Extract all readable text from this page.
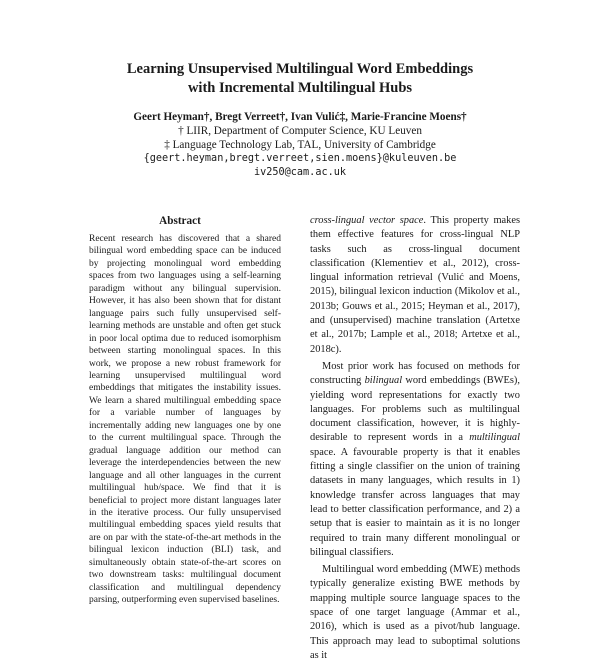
Learning Unsupervised Multilingual Word Embeddings
with Incremental Multilingual Hubs
Geert Heyman†, Bregt Verreet†, Ivan Vulić‡, Marie-Francine Moens†
† LIIR, Department of Computer Science, KU Leuven
‡ Language Technology Lab, TAL, University of Cambridge
{geert.heyman,bregt.verreet,sien.moens}@kuleuven.be
iv250@cam.ac.uk
Abstract
Recent research has discovered that a shared bilingual word embedding space can be induced by projecting monolingual word embedding spaces from two languages using a self-learning paradigm without any bilingual supervision. However, it has also been shown that for distant language pairs such fully unsupervised self-learning methods are unstable and often get stuck in poor local optima due to reduced isomorphism between starting monolingual spaces. In this work, we propose a new robust framework for learning unsupervised multilingual word embeddings that mitigates the instability issues. We learn a shared multilingual embedding space for a variable number of languages by incrementally adding new languages one by one to the current multilingual space. Through the gradual language addition our method can leverage the interdependencies between the new language and all other languages in the current multilingual hub/space. We find that it is beneficial to project more distant languages later in the iterative process. Our fully unsupervised multilingual embedding spaces yield results that are on par with the state-of-the-art methods in the bilingual lexicon induction (BLI) task, and simultaneously obtain state-of-the-art scores on two downstream tasks: multilingual document classification and multilingual dependency parsing, outperforming even supervised baselines.

cross-lingual vector space. This property makes them effective features for cross-lingual NLP tasks such as cross-lingual document classification (Klementiev et al., 2012), cross-lingual information retrieval (Vulić and Moens, 2015), bilingual lexicon induction (Mikolov et al., 2013b; Gouws et al., 2015; Heyman et al., 2017), and (unsupervised) machine translation (Artetxe et al., 2017b; Lample et al., 2018; Artetxe et al., 2018c).

Most prior work has focused on methods for constructing bilingual word embeddings (BWEs), yielding word representations for exactly two languages. For problems such as multilingual document classification, however, it is highly-desirable to represent words in a multilingual space. A favourable property is that it enables fitting a single classifier on the union of training datasets in many languages, which results in 1) knowledge transfer across languages that may lead to better classification performance, and 2) a setup that is easier to maintain as it is no longer required to train many different monolingual or bilingual classifiers.

Multilingual word embedding (MWE) methods typically generalize existing BWE methods by mapping multiple source language spaces to the space of one target language (Ammar et al., 2016), which is used as a pivot/hub language. This approach may lead to suboptimal solutions as it
